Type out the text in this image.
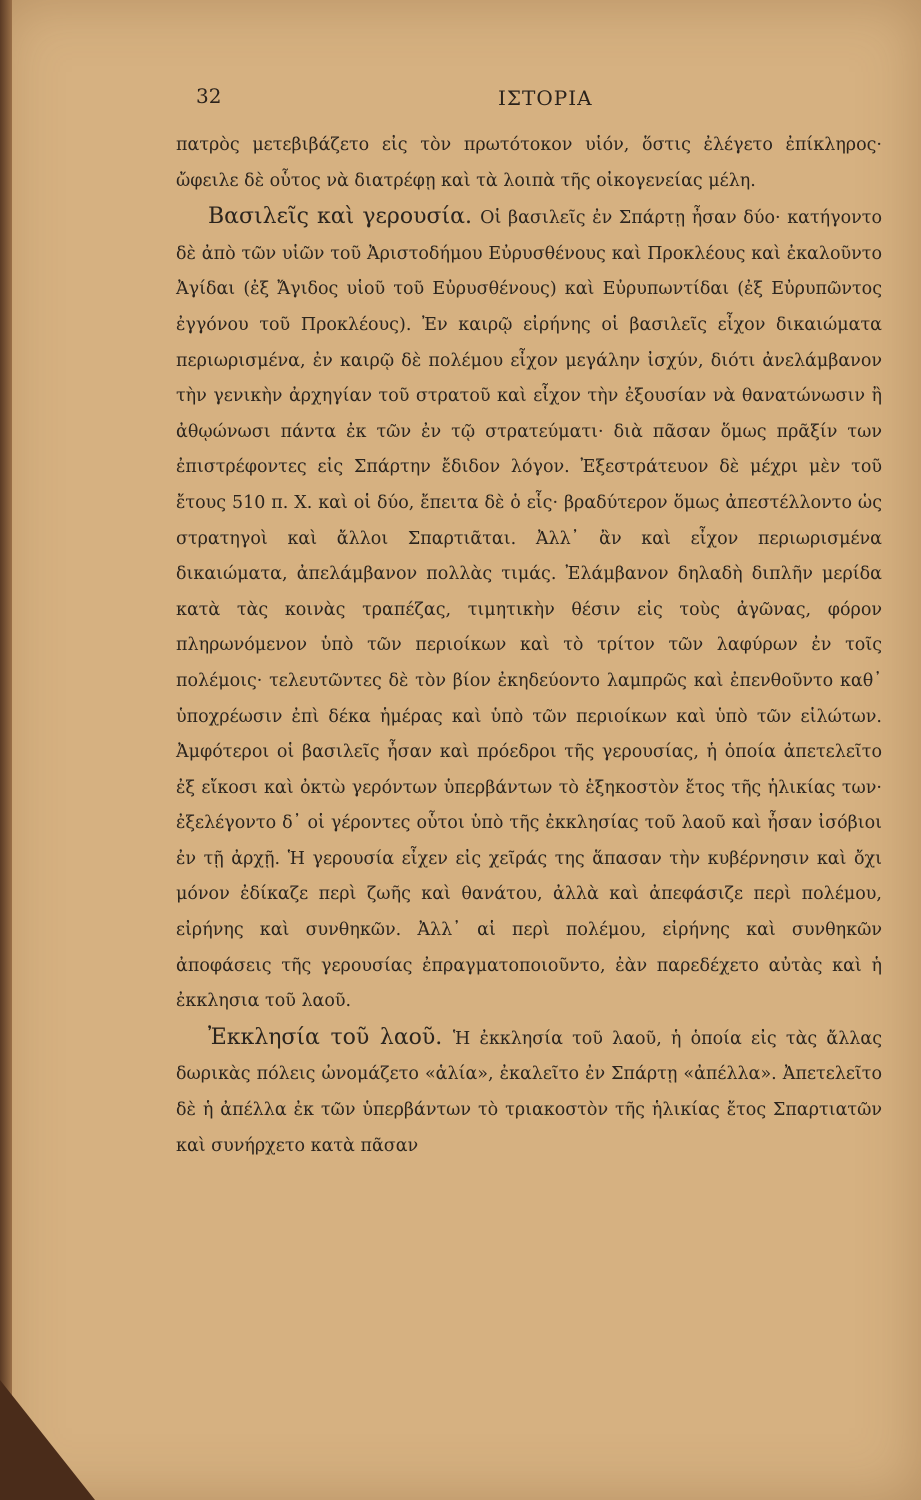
32	ΙΣΤΟΡΙΑ

πατρὸς μετεβιβάζετο εἰς τὸν πρωτότοκον υἱόν, ὅστις ἐλέγετο ἐπίκληρος· ὤφειλε δὲ οὗτος νὰ διατρέφῃ καὶ τὰ λοιπὰ τῆς οἰκογενείας μέλη.

Βασιλεῖς καὶ γερουσία. Οἱ βασιλεῖς ἐν Σπάρτῃ ἦσαν δύο· κατήγοντο δὲ ἀπὸ τῶν υἱῶν τοῦ Ἀριστοδήμου Εὐρυσθένους καὶ Προκλέους καὶ ἐκαλοῦντο Ἀγίδαι (ἐξ Ἄγιδος υἱοῦ τοῦ Εὐρυσθένους) καὶ Εὐρυπωντίδαι (ἐξ Εὐρυπῶντος ἐγγόνου τοῦ Προκλέους). Ἐν καιρῷ εἰρήνης οἱ βασιλεῖς εἶχον δικαιώματα περιωρισμένα, ἐν καιρῷ δὲ πολέμου εἶχον μεγάλην ἰσχύν, διότι ἀνελάμβανον τὴν γενικὴν ἀρχηγίαν τοῦ στρατοῦ καὶ εἶχον τὴν ἐξουσίαν νὰ θανατώνωσιν ἢ ἀθῳώνωσι πάντα ἐκ τῶν ἐν τῷ στρατεύματι· διὰ πᾶσαν ὅμως πρᾶξίν των ἐπιστρέφοντες εἰς Σπάρτην ἔδιδον λόγον. Ἐξεστράτευον δὲ μέχρι μὲν τοῦ ἔτους 510 π. Χ. καὶ οἱ δύο, ἔπειτα δὲ ὁ εἷς· βραδύτερον ὅμως ἀπεστέλλοντο ὡς στρατηγοὶ καὶ ἄλλοι Σπαρτιᾶται. Ἀλλ᾽ ἂν καὶ εἶχον περιωρισμένα δικαιώματα, ἀπελάμβανον πολλὰς τιμάς. Ἐλάμβανον δηλαδὴ διπλῆν μερίδα κατὰ τὰς κοινὰς τραπέζας, τιμητικὴν θέσιν εἰς τοὺς ἀγῶνας, φόρον πληρωνόμενον ὑπὸ τῶν περιοίκων καὶ τὸ τρίτον τῶν λαφύρων ἐν τοῖς πολέμοις· τελευτῶντες δὲ τὸν βίον ἐκηδεύοντο λαμπρῶς καὶ ἐπενθοῦντο καθ᾽ ὑποχρέωσιν ἐπὶ δέκα ἡμέρας καὶ ὑπὸ τῶν περιοίκων καὶ ὑπὸ τῶν εἱλώτων. Ἀμφότεροι οἱ βασιλεῖς ἦσαν καὶ πρόεδροι τῆς γερουσίας, ἡ ὁποία ἀπετελεῖτο ἐξ εἴκοσι καὶ ὀκτὼ γερόντων ὑπερβάντων τὸ ἑξηκοστὸν ἔτος τῆς ἡλικίας των· ἐξελέγοντο δ᾽ οἱ γέροντες οὗτοι ὑπὸ τῆς ἐκκλησίας τοῦ λαοῦ καὶ ἦσαν ἰσόβιοι ἐν τῇ ἀρχῇ. Ἡ γερουσία εἶχεν εἰς χεῖράς της ἅπασαν τὴν κυβέρνησιν καὶ ὄχι μόνον ἐδίκαζε περὶ ζωῆς καὶ θανάτου, ἀλλὰ καὶ ἀπεφάσιζε περὶ πολέμου, εἰρήνης καὶ συνθηκῶν. Ἀλλ᾽ αἱ περὶ πολέμου, εἰρήνης καὶ συνθηκῶν ἀποφάσεις τῆς γερουσίας ἐπραγματοποιοῦντο, ἐὰν παρεδέχετο αὐτὰς καὶ ἡ ἐκκλησια τοῦ λαοῦ.

Ἐκκλησία τοῦ λαοῦ. Ἡ ἐκκλησία τοῦ λαοῦ, ἡ ὁποία εἰς τὰς ἄλλας δωρικὰς πόλεις ὠνομάζετο «ἁλία», ἐκαλεῖτο ἐν Σπάρτῃ «ἀπέλλα». Ἀπετελεῖτο δὲ ἡ ἀπέλλα ἐκ τῶν ὑπερβάντων τὸ τριακοστὸν τῆς ἡλικίας ἔτος Σπαρτιατῶν καὶ συνήρχετο κατὰ πᾶσαν
